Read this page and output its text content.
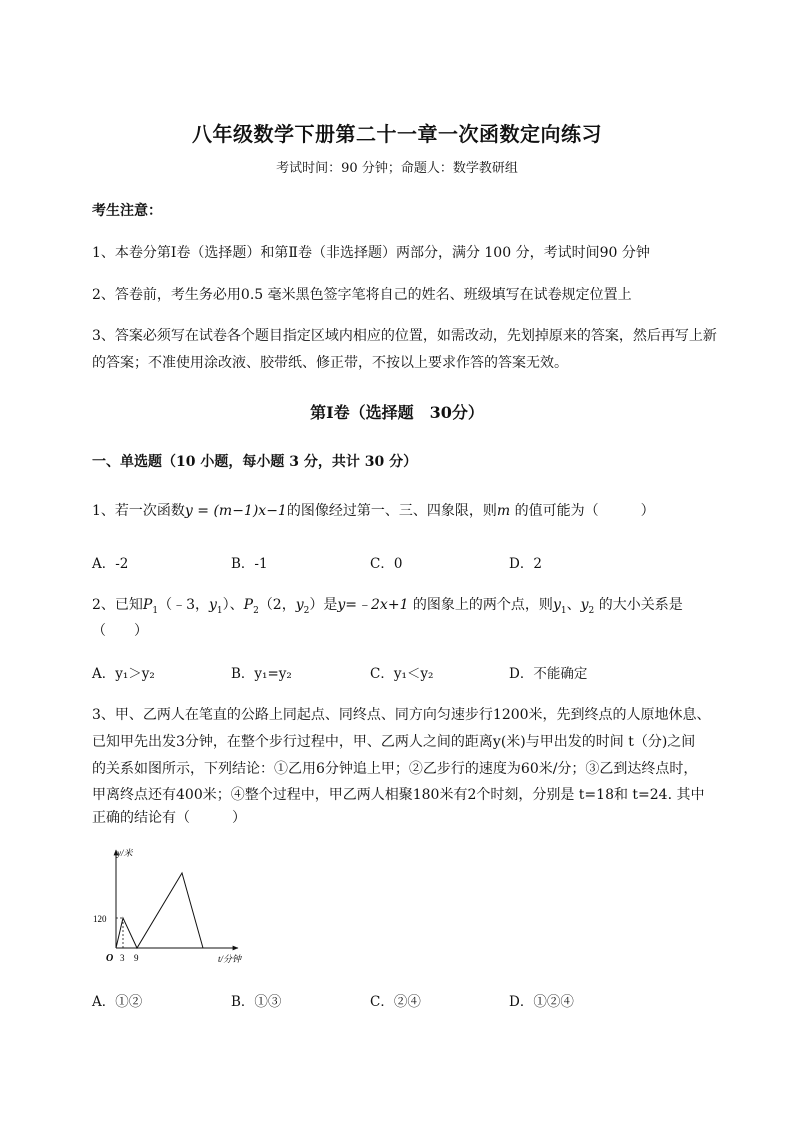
八年级数学下册第二十一章一次函数定向练习
考试时间：90 分钟；命题人：数学教研组
考生注意：
1、本卷分第Ⅰ卷（选择题）和第Ⅱ卷（非选择题）两部分，满分 100 分，考试时间90 分钟
2、答卷前，考生务必用0.5 毫米黑色签字笔将自己的姓名、班级填写在试卷规定位置上
3、答案必须写在试卷各个题目指定区域内相应的位置，如需改动，先划掉原来的答案，然后再写上新
的答案；不准使用涂改液、胶带纸、修正带，不按以上要求作答的答案无效。
第Ⅰ卷（选择题　30分）
一、单选题（10 小题，每小题 3 分，共计 30 分）
1、若一次函数y = (m−1)x−1的图像经过第一、三、四象限，则m 的值可能为（　　　）
A．-2	B．-1	C．0	D．2
2、已知$P_1(﹣3$，$y_1$）、$P_2(2$，$y_2$）是y=﹣2x+1 的图象上的两个点，则$y_1$、$y_2$ 的大小关系是
（　　）
A．y₁＞y₂	B．y₁=y₂	C．y₁＜y₂	D．不能确定
3、甲、乙两人在笔直的公路上同起点、同终点、同方向匀速步行1200米，先到终点的人原地休息、
已知甲先出发3分钟，在整个步行过程中，甲、乙两人之间的距离y(米)与甲出发的时间 t（分)之间
的关系如图所示，下列结论：①乙用6分钟追上甲；②乙步行的速度为60米/分；③乙到达终点时，
甲离终点还有400米；④整个过程中，甲乙两人相聚180米有2个时刻，分别是 t=18和 t=24. 其中
正确的结论有（　　　）
y/米
t/分钟
O
120
3 9
A．①②	B．①③	C．②④	D．①②④
